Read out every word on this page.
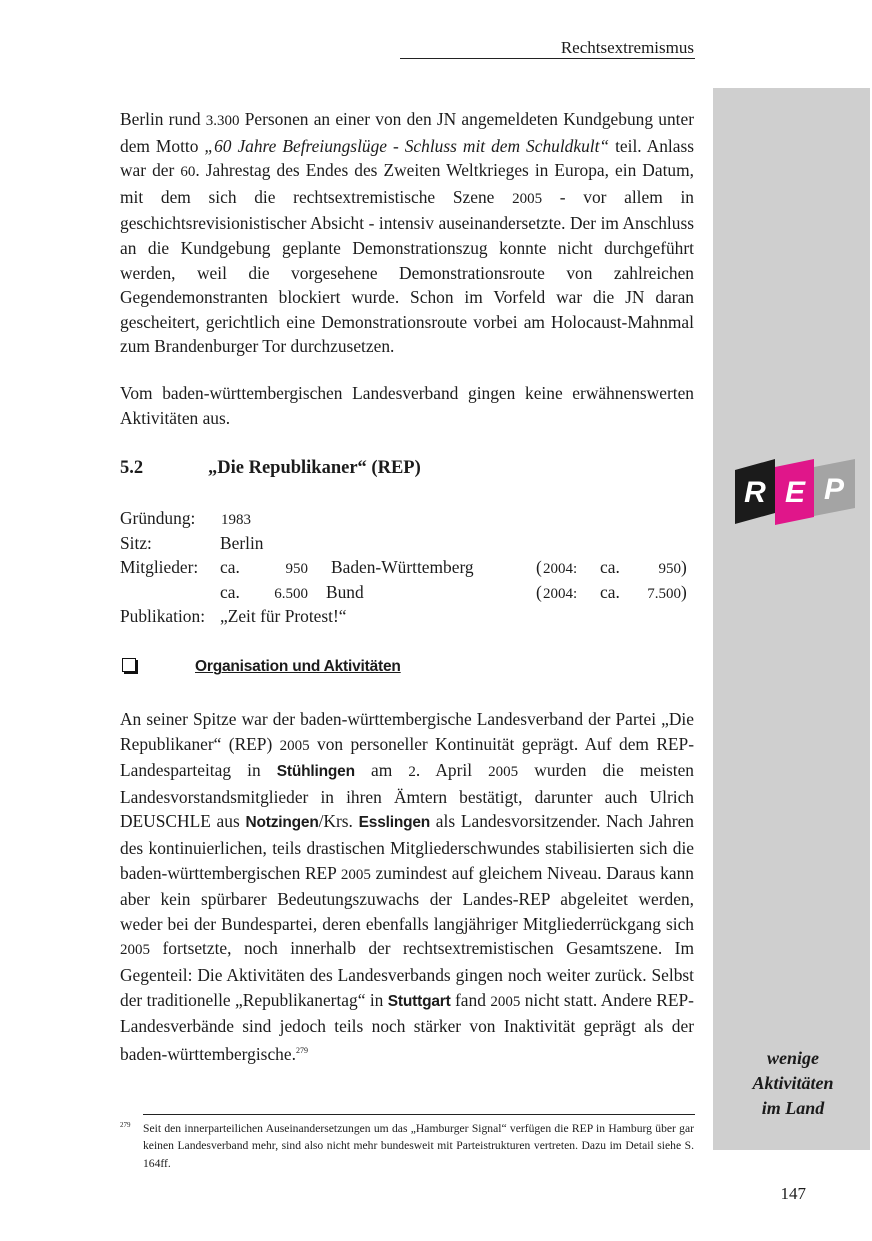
Rechtsextremismus
R E P
wenige
Aktivitäten
im Land

Berlin rund 3.300 Personen an einer von den JN angemeldeten Kundgebung unter dem Motto „60 Jahre Befreiungslüge - Schluss mit dem Schuldkult“ teil. Anlass war der 60. Jahrestag des Endes des Zweiten Weltkrieges in Europa, ein Datum, mit dem sich die rechtsextremistische Szene 2005 - vor allem in geschichtsrevisionistischer Absicht - intensiv auseinandersetzte. Der im Anschluss an die Kundgebung geplante Demonstrationszug konnte nicht durchgeführt werden, weil die vorgesehene Demonstrationsroute von zahlreichen Gegendemonstranten blockiert wurde. Schon im Vorfeld war die JN daran gescheitert, gerichtlich eine Demonstrationsroute vorbei am Holocaust-Mahnmal zum Brandenburger Tor durchzusetzen.

Vom baden-württembergischen Landesverband gingen keine erwähnenswerten Aktivitäten aus.

5.2	„Die Republikaner“ (REP)
Gründung: 1983
Sitz:	Berlin
Mitglieder: ca.	950 Baden-Württemberg	( 2004: ca.	950 )
ca.	6.500 Bund	( 2004: ca.	7.500 )
Publikation: „Zeit für Protest!“
Organisation und Aktivitäten

An seiner Spitze war der baden-württembergische Landesverband der Partei „Die Republikaner“ (REP) 2005 von personeller Kontinuität geprägt. Auf dem REP-Landesparteitag in Stühlingen am 2. April 2005 wurden die meisten Landesvorstandsmitglieder in ihren Ämtern bestätigt, darunter auch Ulrich DEUSCHLE aus Notzingen/Krs. Esslingen als Landesvorsitzender. Nach Jahren des kontinuierlichen, teils drastischen Mitgliederschwundes stabilisierten sich die baden-württembergischen REP 2005 zumindest auf gleichem Niveau. Daraus kann aber kein spürbarer Bedeutungszuwachs der Landes-REP abgeleitet werden, weder bei der Bundespartei, deren ebenfalls langjähriger Mitgliederrückgang sich 2005 fortsetzte, noch innerhalb der rechtsextremistischen Gesamtszene. Im Gegenteil: Die Aktivitäten des Landesverbands gingen noch weiter zurück. Selbst der traditionelle „Republikanertag“ in Stuttgart fand 2005 nicht statt. Andere REP-Landesverbände sind jedoch teils noch stärker von Inaktivität geprägt als der baden-württembergische.$^{279}$

279 Seit den innerparteilichen Auseinandersetzungen um das „Hamburger Signal“ verfügen die REP in Hamburg über gar keinen Landesverband mehr, sind also nicht mehr bundesweit mit Parteistrukturen vertreten. Dazu im Detail siehe S. 164ff.
147
